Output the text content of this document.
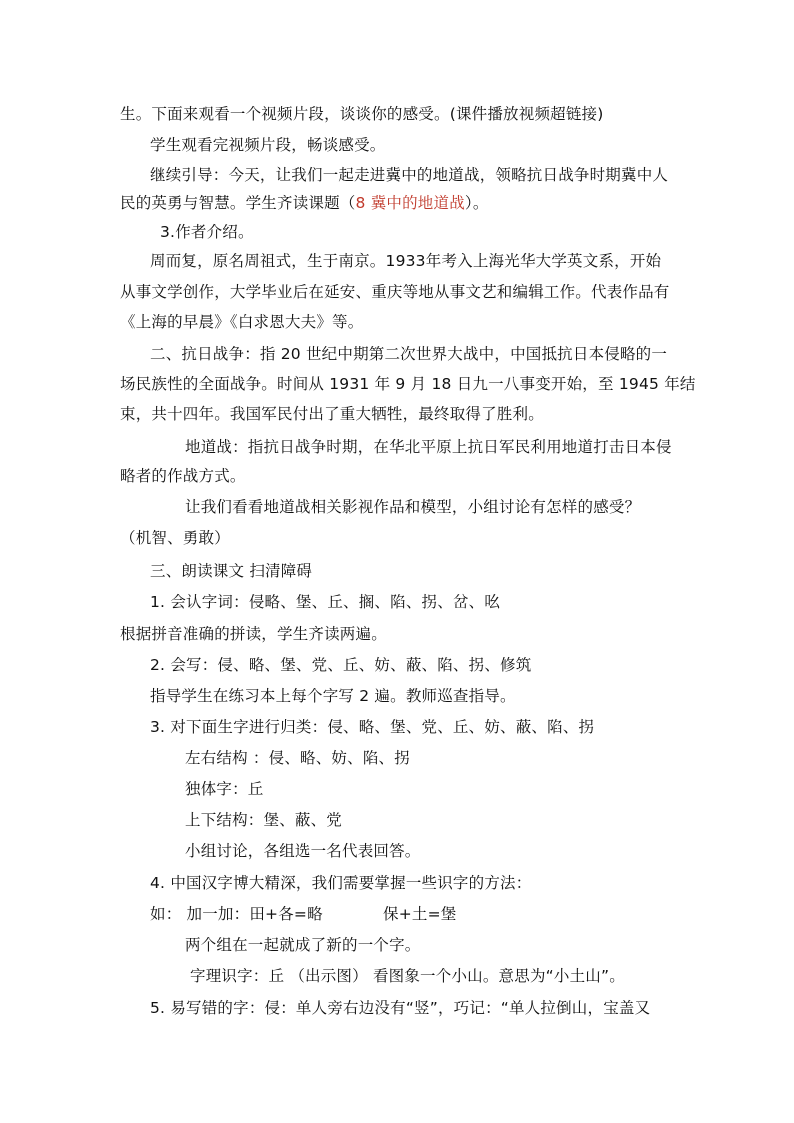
生。下面来观看一个视频片段，谈谈你的感受。(课件播放视频超链接)
学生观看完视频片段，畅谈感受。
继续引导：今天，让我们一起走进冀中的地道战，领略抗日战争时期冀中人
民的英勇与智慧。学生齐读课题（8 冀中的地道战）。
3.作者介绍。
周而复，原名周祖式，生于南京。1933年考入上海光华大学英文系，开始
从事文学创作，大学毕业后在延安、重庆等地从事文艺和编辑工作。代表作品有
《上海的早晨》《白求恩大夫》等。
二、抗日战争：指 20 世纪中期第二次世界大战中，中国抵抗日本侵略的一
场民族性的全面战争。时间从 1931 年 9 月 18 日九一八事变开始，至 1945 年结
束，共十四年。我国军民付出了重大牺牲，最终取得了胜利。
地道战：指抗日战争时期，在华北平原上抗日军民利用地道打击日本侵
略者的作战方式。
让我们看看地道战相关影视作品和模型，小组讨论有怎样的感受？
（机智、勇敢）
三、朗读课文 扫清障碍
1. 会认字词：侵略、堡、丘、搁、陷、拐、岔、吆
根据拼音准确的拼读，学生齐读两遍。
2. 会写：侵、略、堡、党、丘、妨、蔽、陷、拐、修筑
指导学生在练习本上每个字写 2 遍。教师巡查指导。
3. 对下面生字进行归类：侵、略、堡、党、丘、妨、蔽、陷、拐
左右结构 ：侵、略、妨、陷、拐
独体字：丘
上下结构：堡、蔽、党
小组讨论，各组选一名代表回答。
4. 中国汉字博大精深，我们需要掌握一些识字的方法：
如： 加一加：田+各=略	保+土=堡
两个组在一起就成了新的一个字。
字理识字：丘 （出示图） 看图象一个小山。意思为“小土山”。
5. 易写错的字：侵：单人旁右边没有“竖”，巧记：“单人拉倒山，宝盖又
